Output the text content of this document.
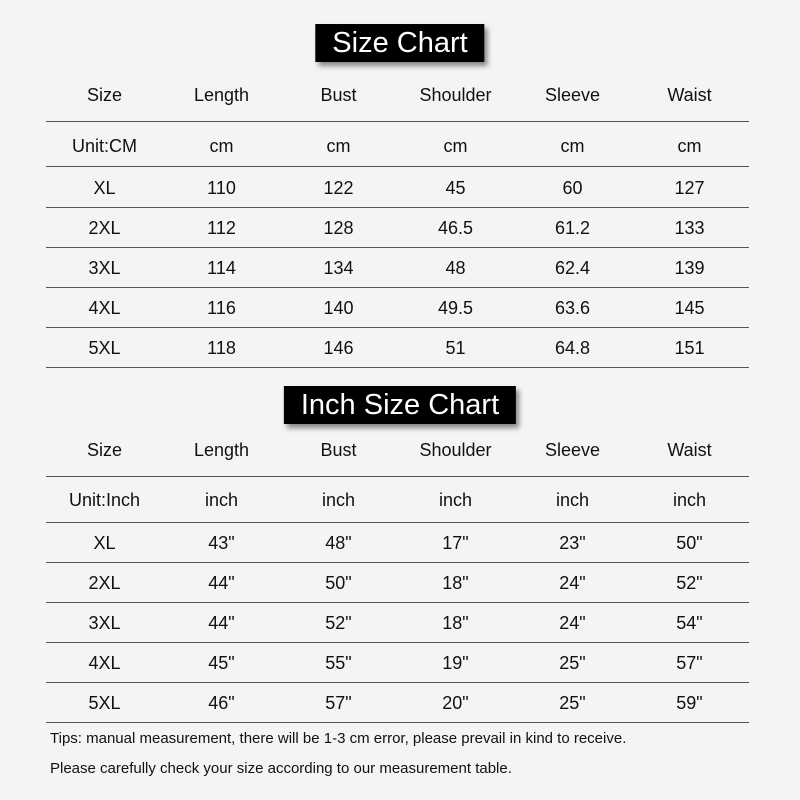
Size Chart
Size	Length	Bust	Shoulder	Sleeve	Waist
Unit:CM	cm	cm	cm	cm	cm
XL	110	122	45	60	127
2XL	112	128	46.5	61.2	133
3XL	114	134	48	62.4	139
4XL	116	140	49.5	63.6	145
5XL	118	146	51	64.8	151
Inch Size Chart
Size	Length	Bust	Shoulder	Sleeve	Waist
Unit:Inch	inch	inch	inch	inch	inch
XL	43"	48"	17"	23"	50"
2XL	44"	50"	18"	24"	52"
3XL	44"	52"	18"	24"	54"
4XL	45"	55"	19"	25"	57"
5XL	46"	57"	20"	25"	59"
Tips: manual measurement, there will be 1-3 cm error, please prevail in kind to receive.
Please carefully check your size according to our measurement table.
